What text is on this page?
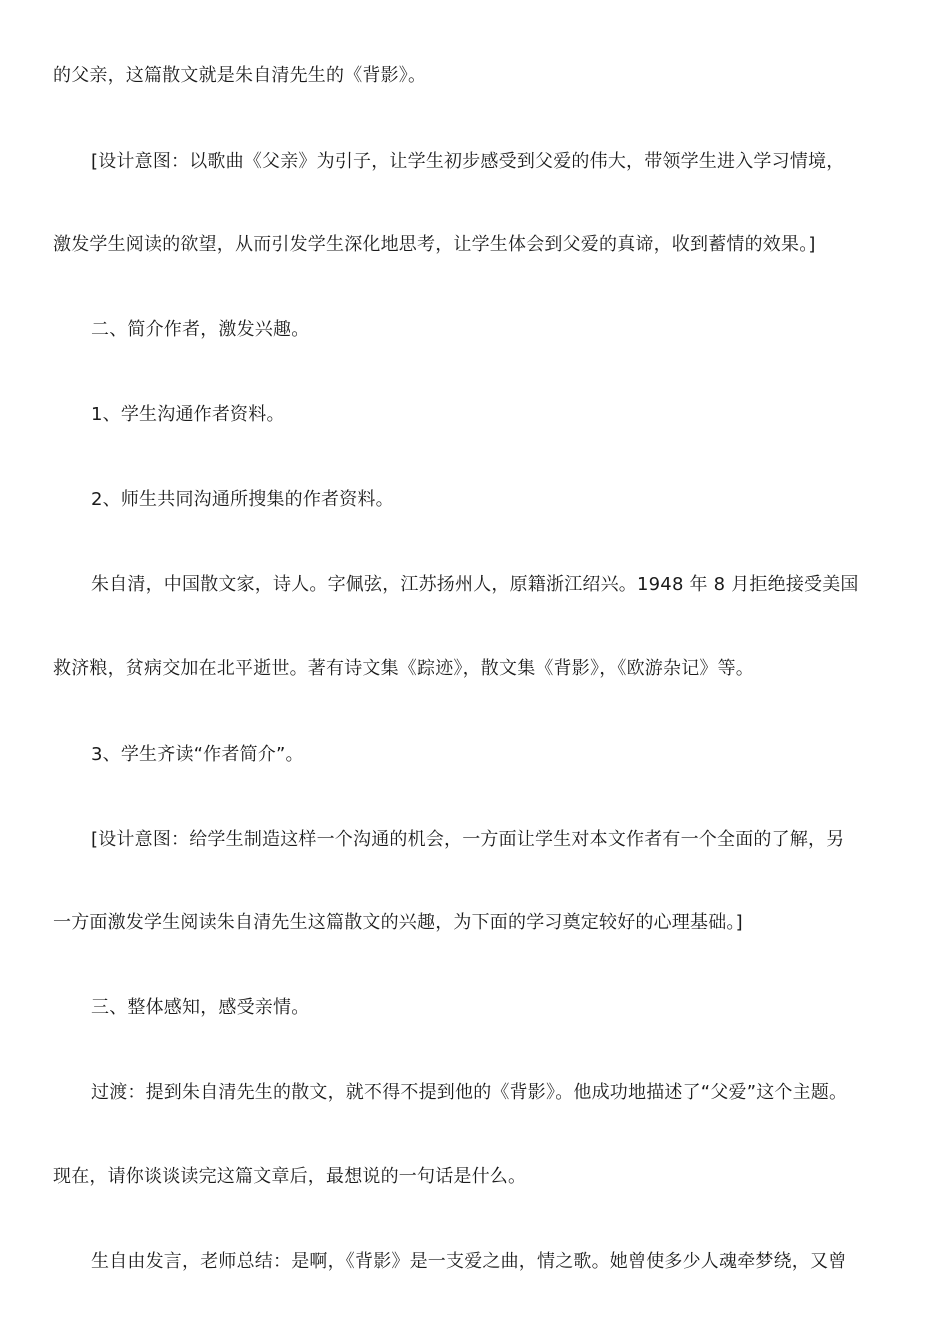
的父亲，这篇散文就是朱自清先生的《背影》。
[设计意图：以歌曲《父亲》为引子，让学生初步感受到父爱的伟大，带领学生进入学习情境，
激发学生阅读的欲望，从而引发学生深化地思考，让学生体会到父爱的真谛，收到蓄情的效果。]
二、简介作者，激发兴趣。
1、学生沟通作者资料。
2、师生共同沟通所搜集的作者资料。
朱自清，中国散文家，诗人。字佩弦，江苏扬州人，原籍浙江绍兴。1948 年 8 月拒绝接受美国
救济粮，贫病交加在北平逝世。著有诗文集《踪迹》，散文集《背影》，《欧游杂记》等。
3、学生齐读“作者简介”。
[设计意图：给学生制造这样一个沟通的机会，一方面让学生对本文作者有一个全面的了解，另
一方面激发学生阅读朱自清先生这篇散文的兴趣，为下面的学习奠定较好的心理基础。]
三、整体感知，感受亲情。
过渡：提到朱自清先生的散文，就不得不提到他的《背影》。他成功地描述了“父爱”这个主题。
现在，请你谈谈读完这篇文章后，最想说的一句话是什么。
生自由发言，老师总结：是啊，《背影》是一支爱之曲，情之歌。她曾使多少人魂牵梦绕，又曾
